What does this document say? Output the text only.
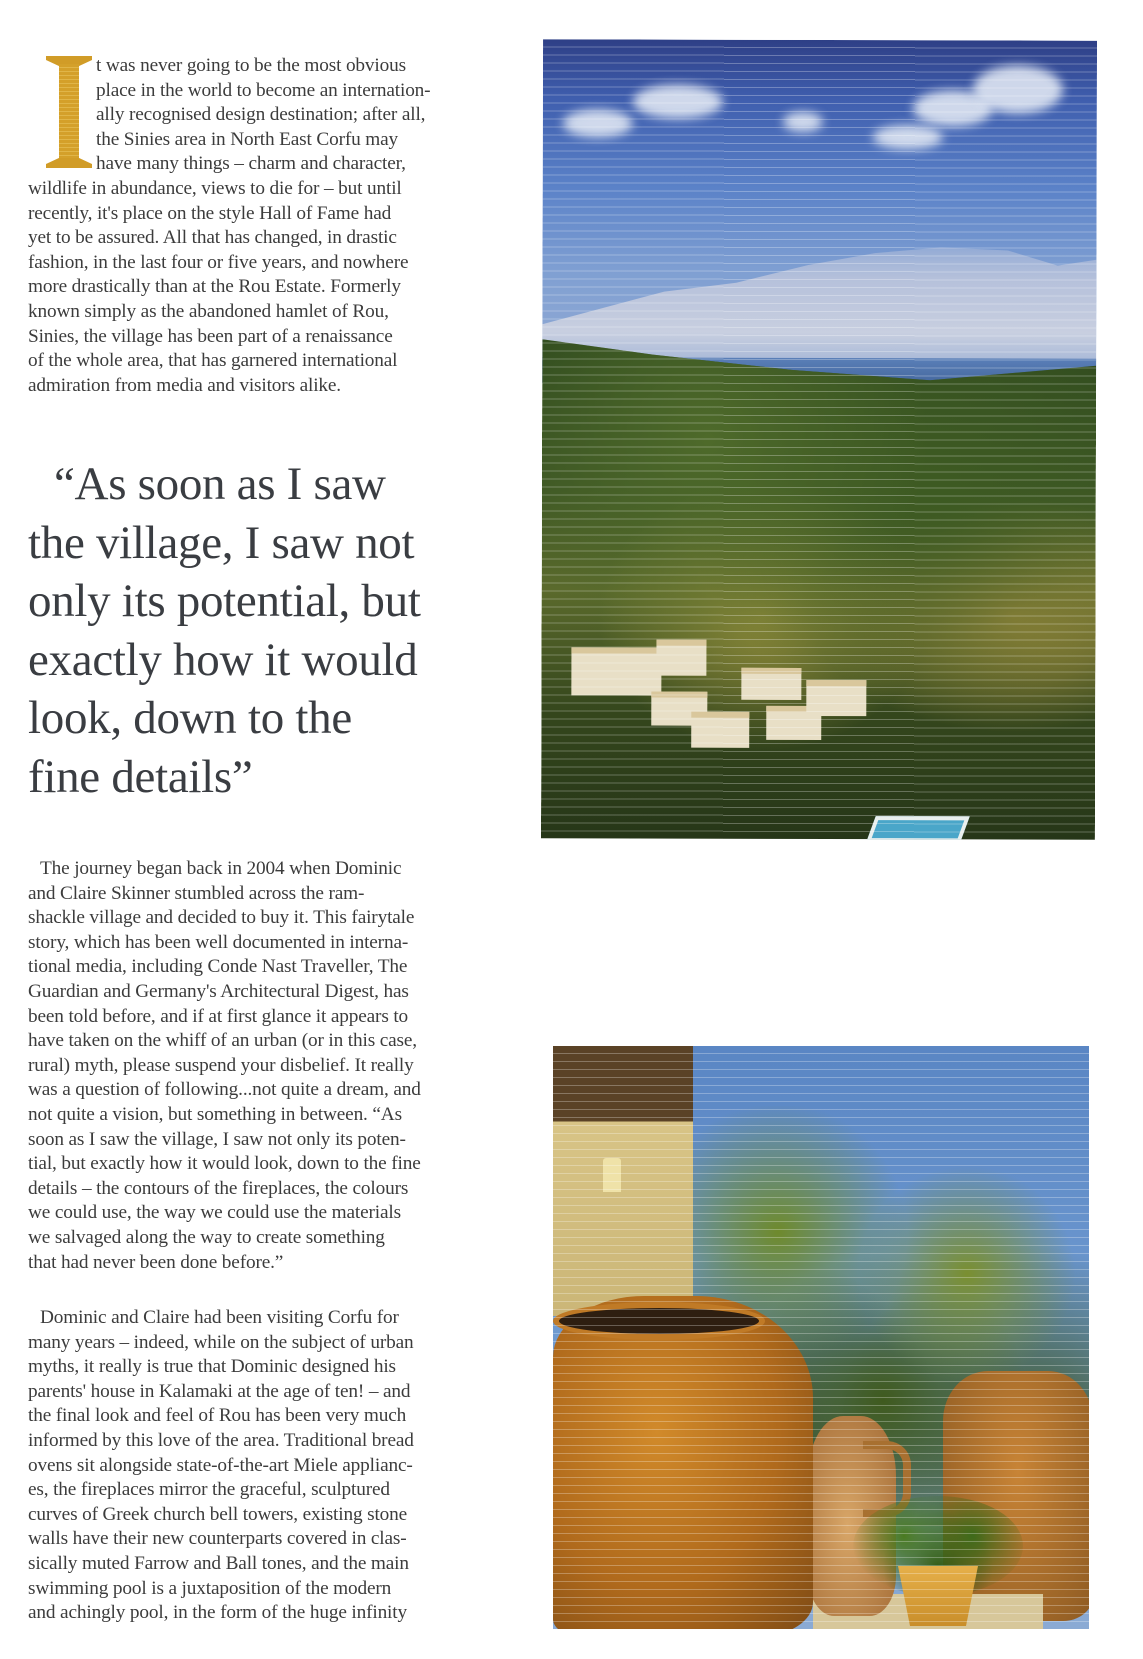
t was never going to be the most obvious
place in the world to become an internation-
ally recognised design destination; after all,
the Sinies area in North East Corfu may
have many things – charm and character,
wildlife in abundance, views to die for – but until
recently, it's place on the style Hall of Fame had
yet to be assured. All that has changed, in drastic
fashion, in the last four or five years, and nowhere
more drastically than at the Rou Estate. Formerly
known simply as the abandoned hamlet of Rou,
Sinies, the village has been part of a renaissance
of the whole area, that has garnered international
admiration from media and visitors alike.

“As soon as I saw
the village, I saw not
only its potential, but
exactly how it would
look, down to the
fine details”

The journey began back in 2004 when Dominic
and Claire Skinner stumbled across the ram-
shackle village and decided to buy it. This fairytale
story, which has been well documented in interna-
tional media, including Conde Nast Traveller, The
Guardian and Germany's Architectural Digest, has
been told before, and if at first glance it appears to
have taken on the whiff of an urban (or in this case,
rural) myth, please suspend your disbelief. It really
was a question of following...not quite a dream, and
not quite a vision, but something in between. “As
soon as I saw the village, I saw not only its poten-
tial, but exactly how it would look, down to the fine
details – the contours of the fireplaces, the colours
we could use, the way we could use the materials
we salvaged along the way to create something
that had never been done before.”

Dominic and Claire had been visiting Corfu for
many years – indeed, while on the subject of urban
myths, it really is true that Dominic designed his
parents' house in Kalamaki at the age of ten! – and
the final look and feel of Rou has been very much
informed by this love of the area. Traditional bread
ovens sit alongside state-of-the-art Miele applianc-
es, the fireplaces mirror the graceful, sculptured
curves of Greek church bell towers, existing stone
walls have their new counterparts covered in clas-
sically muted Farrow and Ball tones, and the main
swimming pool is a juxtaposition of the modern
and achingly pool, in the form of the huge infinity
